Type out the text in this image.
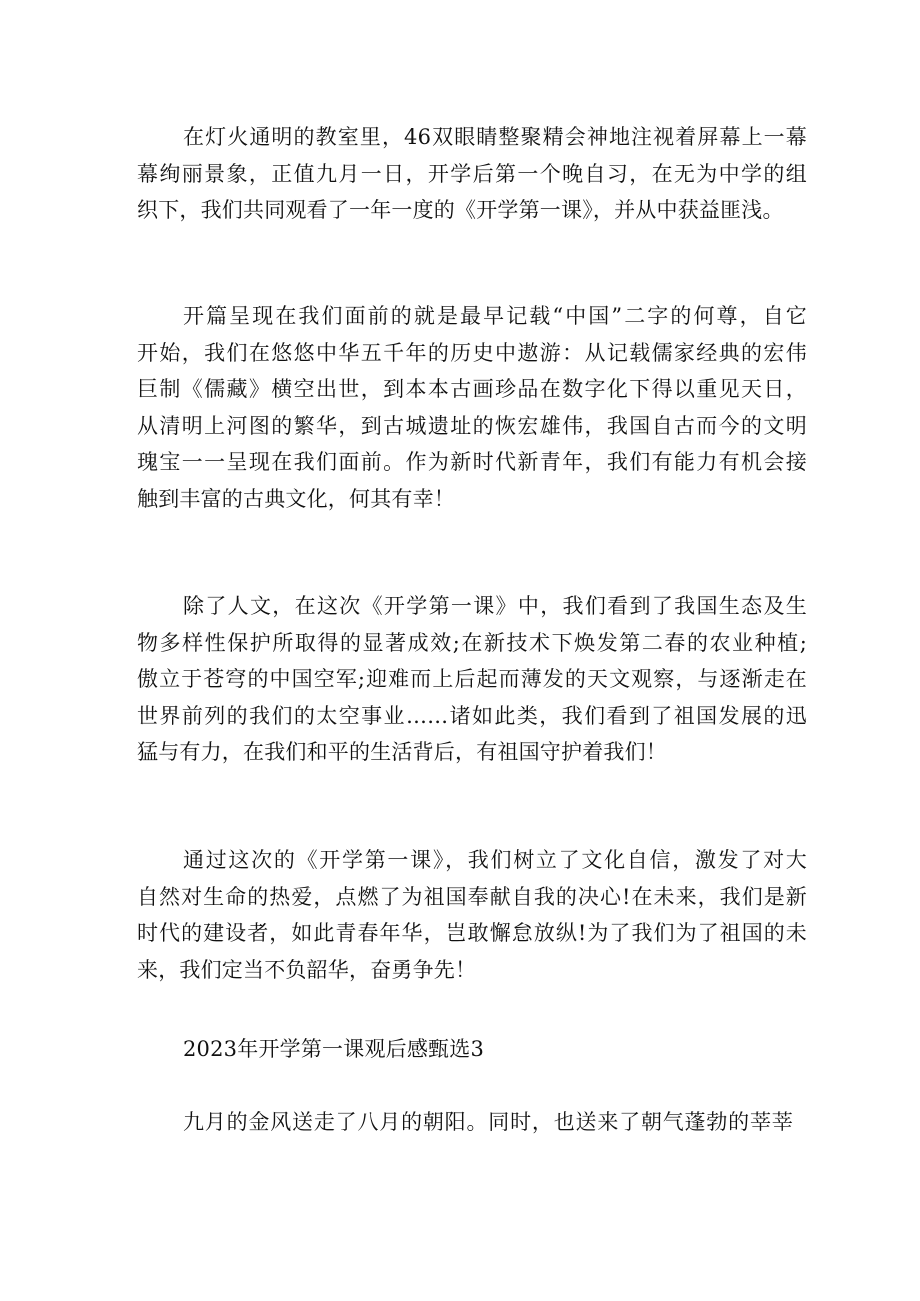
在灯火通明的教室里，46双眼睛整聚精会神地注视着屏幕上一幕
幕绚丽景象，正值九月一日，开学后第一个晚自习，在无为中学的组
织下，我们共同观看了一年一度的《开学第一课》，并从中获益匪浅。

开篇呈现在我们面前的就是最早记载“中国”二字的何尊，自它
开始，我们在悠悠中华五千年的历史中遨游：从记载儒家经典的宏伟
巨制《儒藏》横空出世，到本本古画珍品在数字化下得以重见天日，
从清明上河图的繁华，到古城遗址的恢宏雄伟，我国自古而今的文明
瑰宝一一呈现在我们面前。作为新时代新青年，我们有能力有机会接
触到丰富的古典文化，何其有幸！

除了人文，在这次《开学第一课》中，我们看到了我国生态及生
物多样性保护所取得的显著成效;在新技术下焕发第二春的农业种植;
傲立于苍穹的中国空军;迎难而上后起而薄发的天文观察，与逐渐走在
世界前列的我们的太空事业……诸如此类，我们看到了祖国发展的迅
猛与有力，在我们和平的生活背后，有祖国守护着我们！

通过这次的《开学第一课》，我们树立了文化自信，激发了对大
自然对生命的热爱，点燃了为祖国奉献自我的决心!在未来，我们是新
时代的建设者，如此青春年华，岂敢懈怠放纵!为了我们为了祖国的未
来，我们定当不负韶华，奋勇争先！

2023年开学第一课观后感甄选3

九月的金风送走了八月的朝阳。同时，也送来了朝气蓬勃的莘莘
